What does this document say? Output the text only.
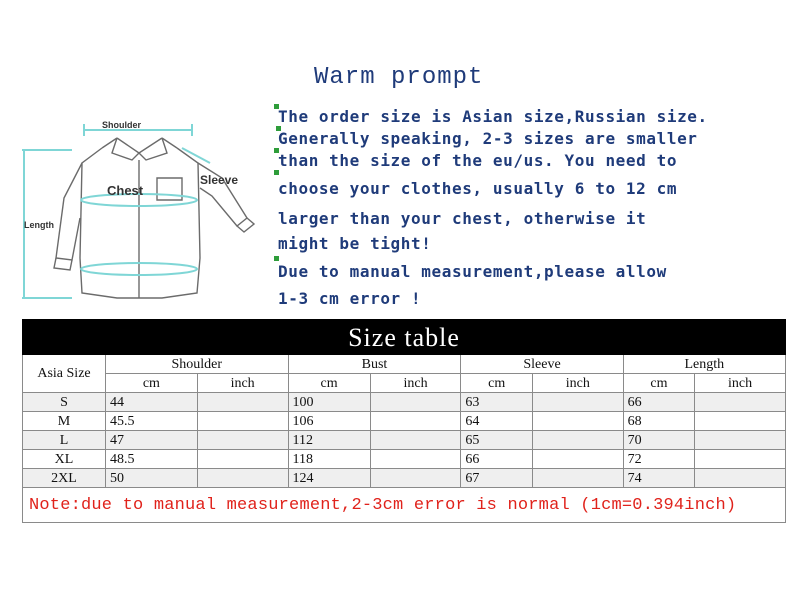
Warm prompt
The order size is Asian size,Russian size.
Generally speaking, 2-3 sizes are smaller
than the size of the eu/us. You need to
choose your clothes, usually 6 to 12 cm
larger than your chest, otherwise it
might be tight!
Due to manual measurement,please allow
1-3 cm error !
Shoulder
Chest
Sleeve
Length
Size table								
Asia Size	Shoulder		Bust		Sleeve		Length	
	cm	inch	cm	inch	cm	inch	cm	inch
S	44		100		63		66	
M	45.5		106		64		68	
L	47		112		65		70	
XL	48.5		118		66		72	
2XL	50		124		67		74	
Note:due to manual measurement,2-3cm error is normal (1cm=0.394inch)								
